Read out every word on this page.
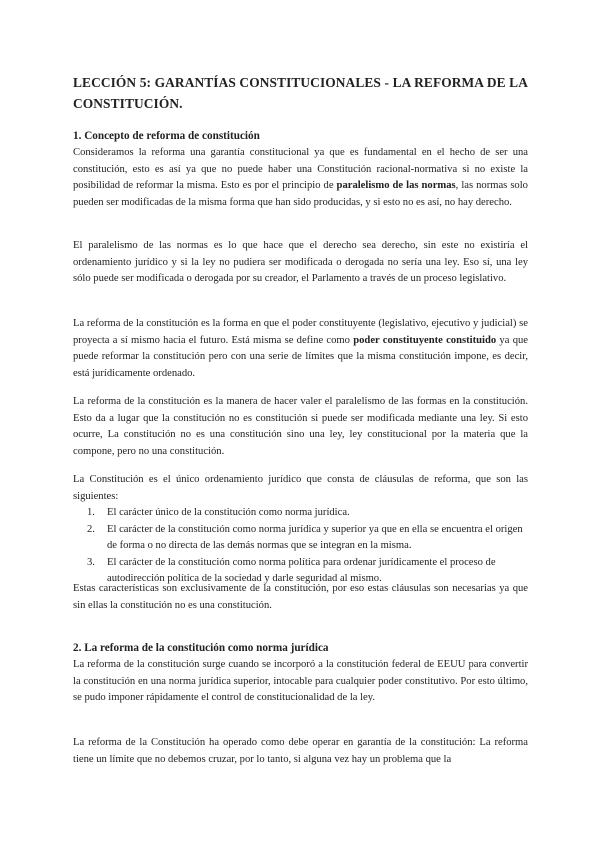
LECCIÓN 5: GARANTÍAS CONSTITUCIONALES - LA REFORMA DE LA CONSTITUCIÓN.
1. Concepto de reforma de constitución

Consideramos la reforma una garantía constitucional ya que es fundamental en el hecho de ser una constitución, esto es así ya que no puede haber una Constitución racional-normativa si no existe la posibilidad de reformar la misma. Esto es por el principio de paralelismo de las normas, las normas solo pueden ser modificadas de la misma forma que han sido producidas, y si esto no es así, no hay derecho.

El paralelismo de las normas es lo que hace que el derecho sea derecho, sin este no existiría el ordenamiento jurídico y si la ley no pudiera ser modificada o derogada no sería una ley. Eso sí, una ley sólo puede ser modificada o derogada por su creador, el Parlamento a través de un proceso legislativo.

La reforma de la constitución es la forma en que el poder constituyente (legislativo, ejecutivo y judicial) se proyecta a sí mismo hacia el futuro. Está misma se define como poder constituyente constituido ya que puede reformar la constitución pero con una serie de límites que la misma constitución impone, es decir, está jurídicamente ordenado.

La reforma de la constitución es la manera de hacer valer el paralelismo de las formas en la constitución. Esto da a lugar que la constitución no es constitución si puede ser modificada mediante una ley. Si esto ocurre, La constitución no es una constitución sino una ley, ley constitucional por la materia que la compone, pero no una constitución.

La Constitución es el único ordenamiento jurídico que consta de cláusulas de reforma, que son las siguientes:

1. El carácter único de la constitución como norma jurídica.
2. El carácter de la constitución como norma jurídica y superior ya que en ella se encuentra el origen de forma o no directa de las demás normas que se integran en la misma.
3. El carácter de la constitución como norma política para ordenar jurídicamente el proceso de autodirección política de la sociedad y darle seguridad al mismo.

Estas características son exclusivamente de la constitución, por eso estas cláusulas son necesarias ya que sin ellas la constitución no es una constitución.

2. La reforma de la constitución como norma jurídica

La reforma de la constitución surge cuando se incorporó a la constitución federal de EEUU para convertir la constitución en una norma jurídica superior, intocable para cualquier poder constitutivo. Por esto último, se pudo imponer rápidamente el control de constitucionalidad de la ley.

La reforma de la Constitución ha operado como debe operar en garantía de la constitución: La reforma tiene un límite que no debemos cruzar, por lo tanto, si alguna vez hay un problema que la
